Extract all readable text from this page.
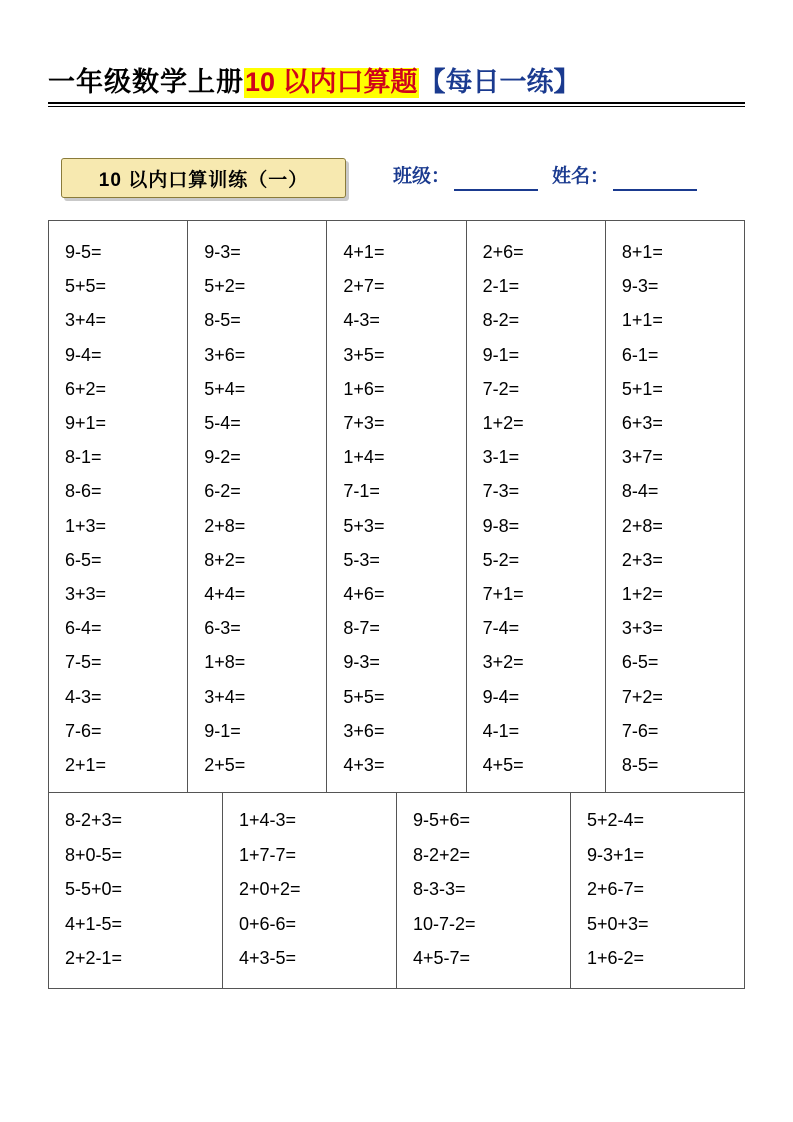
一年级数学上册 10 以内口算题 【每日一练】
10 以内口算训练（一）	班级：	姓名：
9-5=
5+5=
3+4=
9-4=
6+2=
9+1=
8-1=
8-6=
1+3=
6-5=
3+3=
6-4=
7-5=
4-3=
7-6=
2+1=
9-3=
5+2=
8-5=
3+6=
5+4=
5-4=
9-2=
6-2=
2+8=
8+2=
4+4=
6-3=
1+8=
3+4=
9-1=
2+5=
4+1=
2+7=
4-3=
3+5=
1+6=
7+3=
1+4=
7-1=
5+3=
5-3=
4+6=
8-7=
9-3=
5+5=
3+6=
4+3=
2+6=
2-1=
8-2=
9-1=
7-2=
1+2=
3-1=
7-3=
9-8=
5-2=
7+1=
7-4=
3+2=
9-4=
4-1=
4+5=
8+1=
9-3=
1+1=
6-1=
5+1=
6+3=
3+7=
8-4=
2+8=
2+3=
1+2=
3+3=
6-5=
7+2=
7-6=
8-5=
8-2+3=
8+0-5=
5-5+0=
4+1-5=
2+2-1=
1+4-3=
1+7-7=
2+0+2=
0+6-6=
4+3-5=
9-5+6=
8-2+2=
8-3-3=
10-7-2=
4+5-7=
5+2-4=
9-3+1=
2+6-7=
5+0+3=
1+6-2=
